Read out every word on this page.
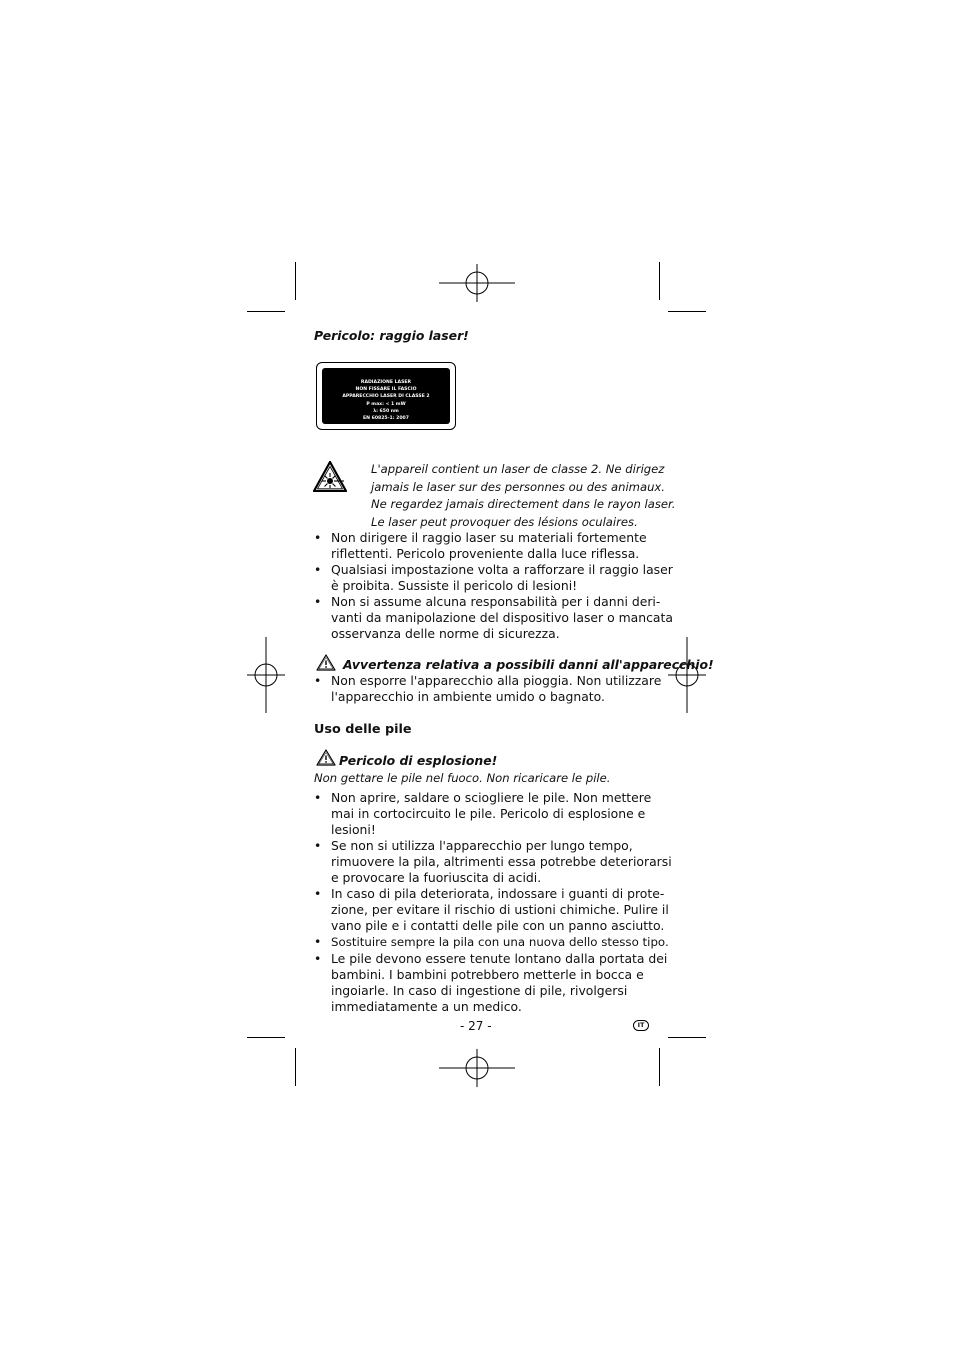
Pericolo: raggio laser!
RADIAZIONE LASER
NON FISSARE IL FASCIO
APPARECCHIO LASER DI CLASSE 2
P max: < 1 mW
λ: 650 nm
EN 60825-1: 2007
L'appareil contient un laser de classe 2. Ne dirigez
jamais le laser sur des personnes ou des animaux.
Ne regardez jamais directement dans le rayon laser.
Le laser peut provoquer des lésions oculaires.
• Non dirigere il raggio laser su materiali fortemente
riflettenti. Pericolo proveniente dalla luce riflessa.
• Qualsiasi impostazione volta a rafforzare il raggio laser
è proibita. Sussiste il pericolo di lesioni!
• Non si assume alcuna responsabilità per i danni deri-
vanti da manipolazione del dispositivo laser o mancata
osservanza delle norme di sicurezza.
Avvertenza relativa a possibili danni all'apparecchio!
• Non esporre l'apparecchio alla pioggia. Non utilizzare
l'apparecchio in ambiente umido o bagnato.
Uso delle pile
Pericolo di esplosione!
Non gettare le pile nel fuoco. Non ricaricare le pile.
• Non aprire, saldare o sciogliere le pile. Non mettere
mai in cortocircuito le pile. Pericolo di esplosione e
lesioni!
• Se non si utilizza l'apparecchio per lungo tempo,
rimuovere la pila, altrimenti essa potrebbe deteriorarsi
e provocare la fuoriuscita di acidi.
• In caso di pila deteriorata, indossare i guanti di prote-
zione, per evitare il rischio di ustioni chimiche. Pulire il
vano pile e i contatti delle pile con un panno asciutto.
• Sostituire sempre la pila con una nuova dello stesso tipo.
• Le pile devono essere tenute lontano dalla portata dei
bambini. I bambini potrebbero metterle in bocca e
ingoiarle. In caso di ingestione di pile, rivolgersi
immediatamente a un medico.
- 27 -	IT
